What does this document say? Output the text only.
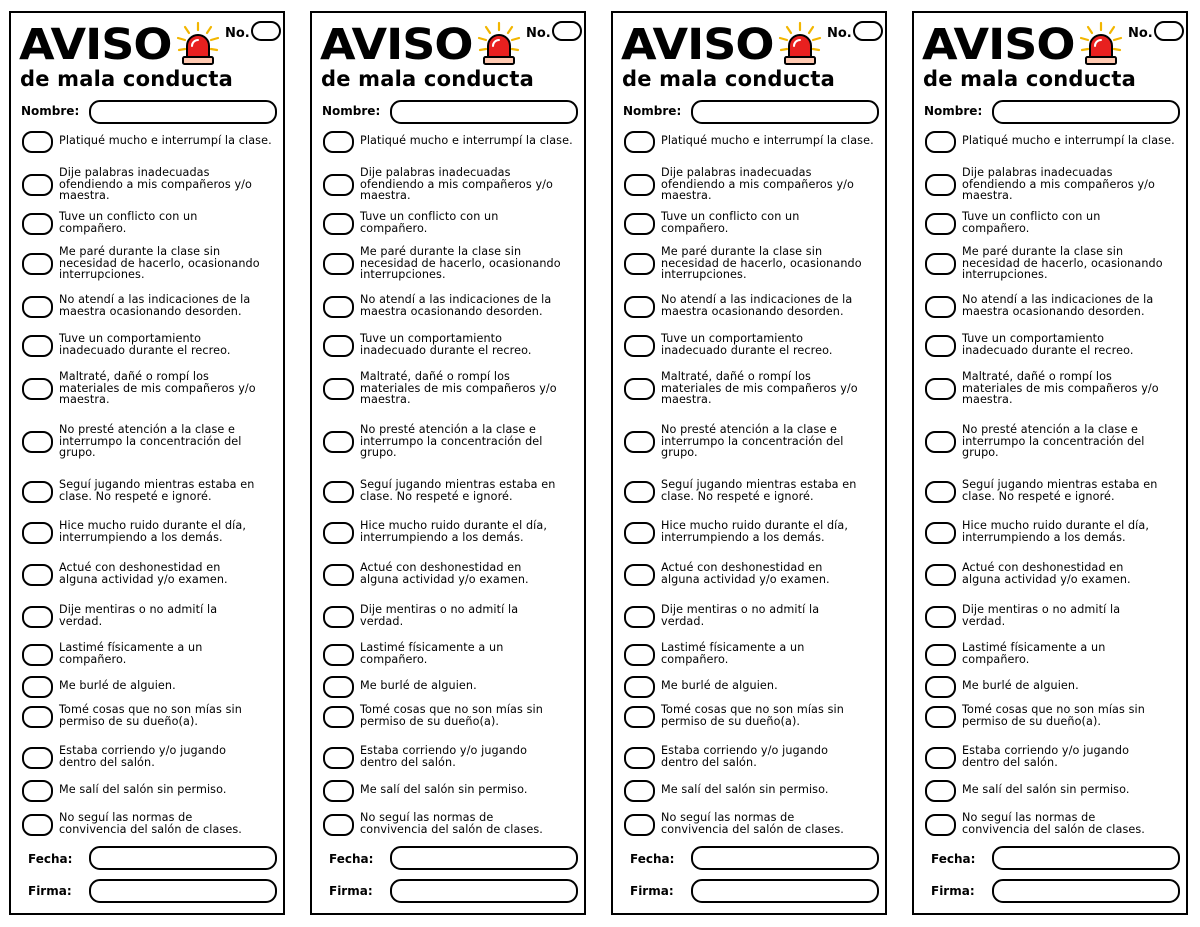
AVISO	No.
de mala conducta
Nombre:
Platiqué mucho e interrumpí la clase.
Dije palabras inadecuadas
ofendiendo a mis compañeros y/o
maestra.
Tuve un conflicto con un
compañero.
Me paré durante la clase sin
necesidad de hacerlo, ocasionando
interrupciones.
No atendí a las indicaciones de la
maestra ocasionando desorden.
Tuve un comportamiento
inadecuado durante el recreo.
Maltraté, dañé o rompí los
materiales de mis compañeros y/o
maestra.
No presté atención a la clase e
interrumpo la concentración del
grupo.
Seguí jugando mientras estaba en
clase. No respeté e ignoré.
Hice mucho ruido durante el día,
interrumpiendo a los demás.
Actué con deshonestidad en
alguna actividad y/o examen.
Dije mentiras o no admití la
verdad.
Lastimé físicamente a un
compañero.
Me burlé de alguien.
Tomé cosas que no son mías sin
permiso de su dueño(a).
Estaba corriendo y/o jugando
dentro del salón.
Me salí del salón sin permiso.
No seguí las normas de
convivencia del salón de clases.
Fecha:
Firma:
AVISO	No.
de mala conducta
Nombre:
Platiqué mucho e interrumpí la clase.
Dije palabras inadecuadas
ofendiendo a mis compañeros y/o
maestra.
Tuve un conflicto con un
compañero.
Me paré durante la clase sin
necesidad de hacerlo, ocasionando
interrupciones.
No atendí a las indicaciones de la
maestra ocasionando desorden.
Tuve un comportamiento
inadecuado durante el recreo.
Maltraté, dañé o rompí los
materiales de mis compañeros y/o
maestra.
No presté atención a la clase e
interrumpo la concentración del
grupo.
Seguí jugando mientras estaba en
clase. No respeté e ignoré.
Hice mucho ruido durante el día,
interrumpiendo a los demás.
Actué con deshonestidad en
alguna actividad y/o examen.
Dije mentiras o no admití la
verdad.
Lastimé físicamente a un
compañero.
Me burlé de alguien.
Tomé cosas que no son mías sin
permiso de su dueño(a).
Estaba corriendo y/o jugando
dentro del salón.
Me salí del salón sin permiso.
No seguí las normas de
convivencia del salón de clases.
Fecha:
Firma:
AVISO	No.
de mala conducta
Nombre:
Platiqué mucho e interrumpí la clase.
Dije palabras inadecuadas
ofendiendo a mis compañeros y/o
maestra.
Tuve un conflicto con un
compañero.
Me paré durante la clase sin
necesidad de hacerlo, ocasionando
interrupciones.
No atendí a las indicaciones de la
maestra ocasionando desorden.
Tuve un comportamiento
inadecuado durante el recreo.
Maltraté, dañé o rompí los
materiales de mis compañeros y/o
maestra.
No presté atención a la clase e
interrumpo la concentración del
grupo.
Seguí jugando mientras estaba en
clase. No respeté e ignoré.
Hice mucho ruido durante el día,
interrumpiendo a los demás.
Actué con deshonestidad en
alguna actividad y/o examen.
Dije mentiras o no admití la
verdad.
Lastimé físicamente a un
compañero.
Me burlé de alguien.
Tomé cosas que no son mías sin
permiso de su dueño(a).
Estaba corriendo y/o jugando
dentro del salón.
Me salí del salón sin permiso.
No seguí las normas de
convivencia del salón de clases.
Fecha:
Firma:
AVISO	No.
de mala conducta
Nombre:
Platiqué mucho e interrumpí la clase.
Dije palabras inadecuadas
ofendiendo a mis compañeros y/o
maestra.
Tuve un conflicto con un
compañero.
Me paré durante la clase sin
necesidad de hacerlo, ocasionando
interrupciones.
No atendí a las indicaciones de la
maestra ocasionando desorden.
Tuve un comportamiento
inadecuado durante el recreo.
Maltraté, dañé o rompí los
materiales de mis compañeros y/o
maestra.
No presté atención a la clase e
interrumpo la concentración del
grupo.
Seguí jugando mientras estaba en
clase. No respeté e ignoré.
Hice mucho ruido durante el día,
interrumpiendo a los demás.
Actué con deshonestidad en
alguna actividad y/o examen.
Dije mentiras o no admití la
verdad.
Lastimé físicamente a un
compañero.
Me burlé de alguien.
Tomé cosas que no son mías sin
permiso de su dueño(a).
Estaba corriendo y/o jugando
dentro del salón.
Me salí del salón sin permiso.
No seguí las normas de
convivencia del salón de clases.
Fecha:
Firma:
